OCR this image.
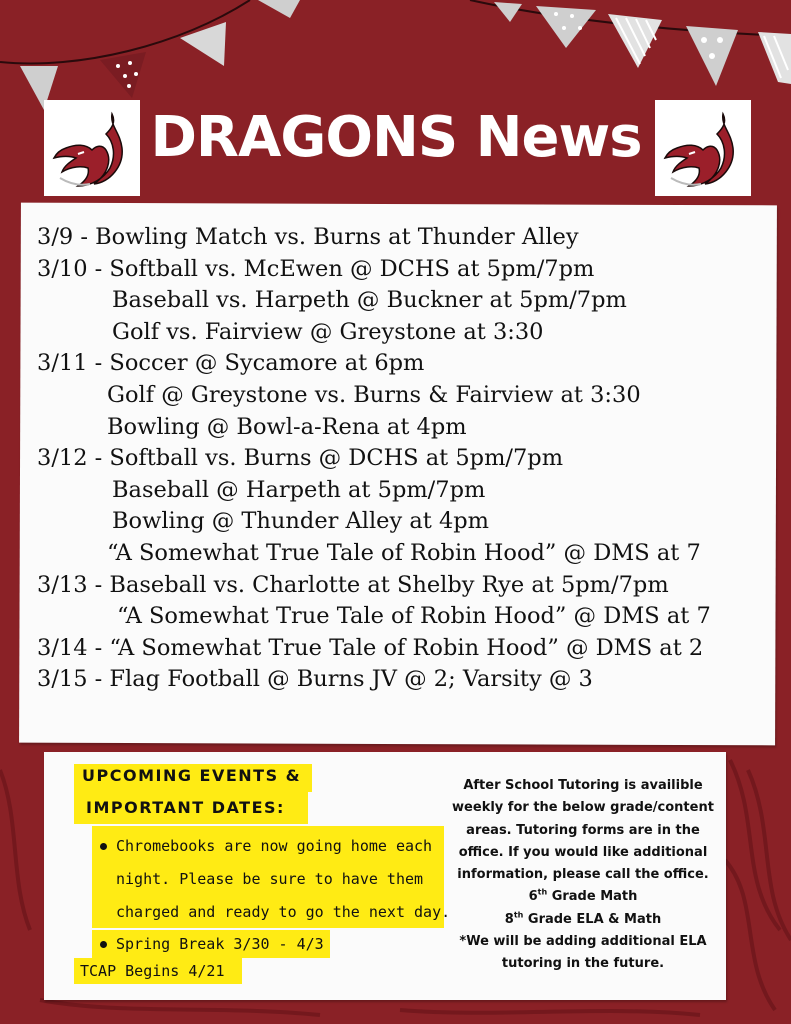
DRAGONS News
3/9 - Bowling Match vs. Burns at Thunder Alley
3/10 - Softball vs. McEwen @ DCHS at 5pm/7pm
Baseball vs. Harpeth @ Buckner at 5pm/7pm
Golf vs. Fairview @ Greystone at 3:30
3/11 - Soccer @ Sycamore at 6pm
Golf @ Greystone vs. Burns & Fairview at 3:30
Bowling @ Bowl-a-Rena at 4pm
3/12 - Softball vs. Burns @ DCHS at 5pm/7pm
Baseball @ Harpeth at 5pm/7pm
Bowling @ Thunder Alley at 4pm
“A Somewhat True Tale of Robin Hood” @ DMS at 7
3/13 - Baseball vs. Charlotte at Shelby Rye at 5pm/7pm
“A Somewhat True Tale of Robin Hood” @ DMS at 7
3/14 - “A Somewhat True Tale of Robin Hood” @ DMS at 2
3/15 - Flag Football @ Burns JV @ 2; Varsity @ 3
UPCOMING EVENTS &
IMPORTANT DATES:
Chromebooks are now going home each
night. Please be sure to have them
charged and ready to go the next day.
Spring Break 3/30 - 4/3
TCAP Begins 4/21
After School Tutoring is availible
weekly for the below grade/content
areas. Tutoring forms are in the
office. If you would like additional
information, please call the office.
6th Grade Math
8th Grade ELA & Math
*We will be adding additional ELA
tutoring in the future.
